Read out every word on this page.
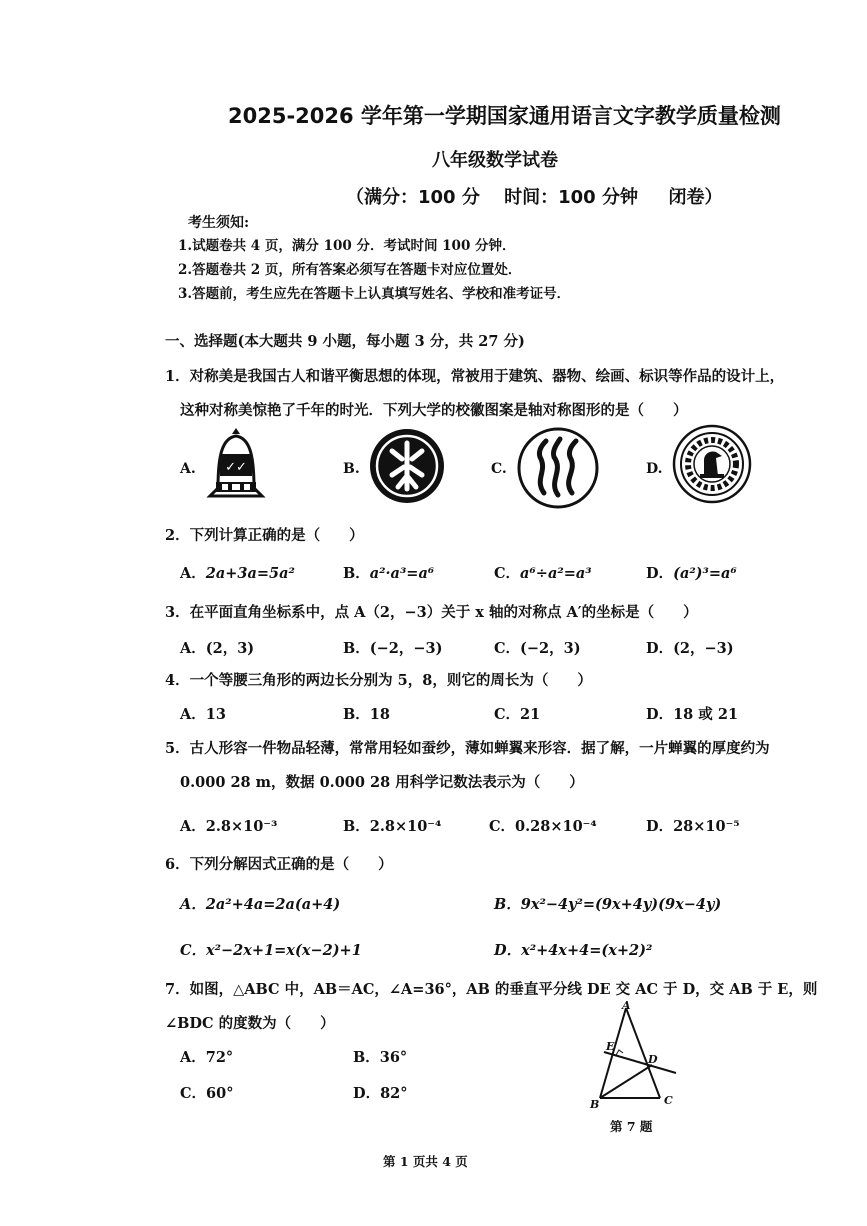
2025-2026 学年第一学期国家通用语言文字教学质量检测
八年级数学试卷
（满分：100 分　 时间：100 分钟 　 闭卷）
考生须知:
1.试题卷共 4 页，满分 100 分．考试时间 100 分钟．
2.答题卷共 2 页，所有答案必须写在答题卡对应位置处．
3.答题前，考生应先在答题卡上认真填写姓名、学校和准考证号．
一、选择题(本大题共 9 小题，每小题 3 分，共 27 分)
1．对称美是我国古人和谐平衡思想的体现，常被用于建筑、器物、绘画、标识等作品的设计上，
这种对称美惊艳了千年的时光．下列大学的校徽图案是轴对称图形的是（　　）
A. ✓✓	B.	C.	D.
2．下列计算正确的是（　　）
A．2a+3a=5a²	B．a²·a³=a⁶	C．a⁶÷a²=a³	D．(a²)³=a⁶
3．在平面直角坐标系中，点 A（2，−3）关于 x 轴的对称点 A′的坐标是（　　）
A．(2，3)	B．(−2，−3)	C．(−2，3)	D．(2，−3)
4．一个等腰三角形的两边长分别为 5，8，则它的周长为（　　）
A．13	B．18	C．21	D．18 或 21
5．古人形容一件物品轻薄，常常用轻如蚕纱，薄如蝉翼来形容．据了解，一片蝉翼的厚度约为
0.000 28 m，数据 0.000 28 用科学记数法表示为（　　）
A．2.8×10⁻³	B．2.8×10⁻⁴	C．0.28×10⁻⁴	D．28×10⁻⁵
6．下列分解因式正确的是（　　）
A．2a²+4a=2a(a+4)	B．9x²−4y²=(9x+4y)(9x−4y)
C．x²−2x+1=x(x−2)+1	D．x²+4x+4=(x+2)²
7．如图，△ABC 中，AB＝AC，∠A=36°，AB 的垂直平分线 DE 交 AC 于 D，交 AB 于 E，则
∠BDC 的度数为（　　）
A．72°	B．36°
C．60°	D．82°
A
B	C
D
E
第 7 题
第 1 页共 4 页
